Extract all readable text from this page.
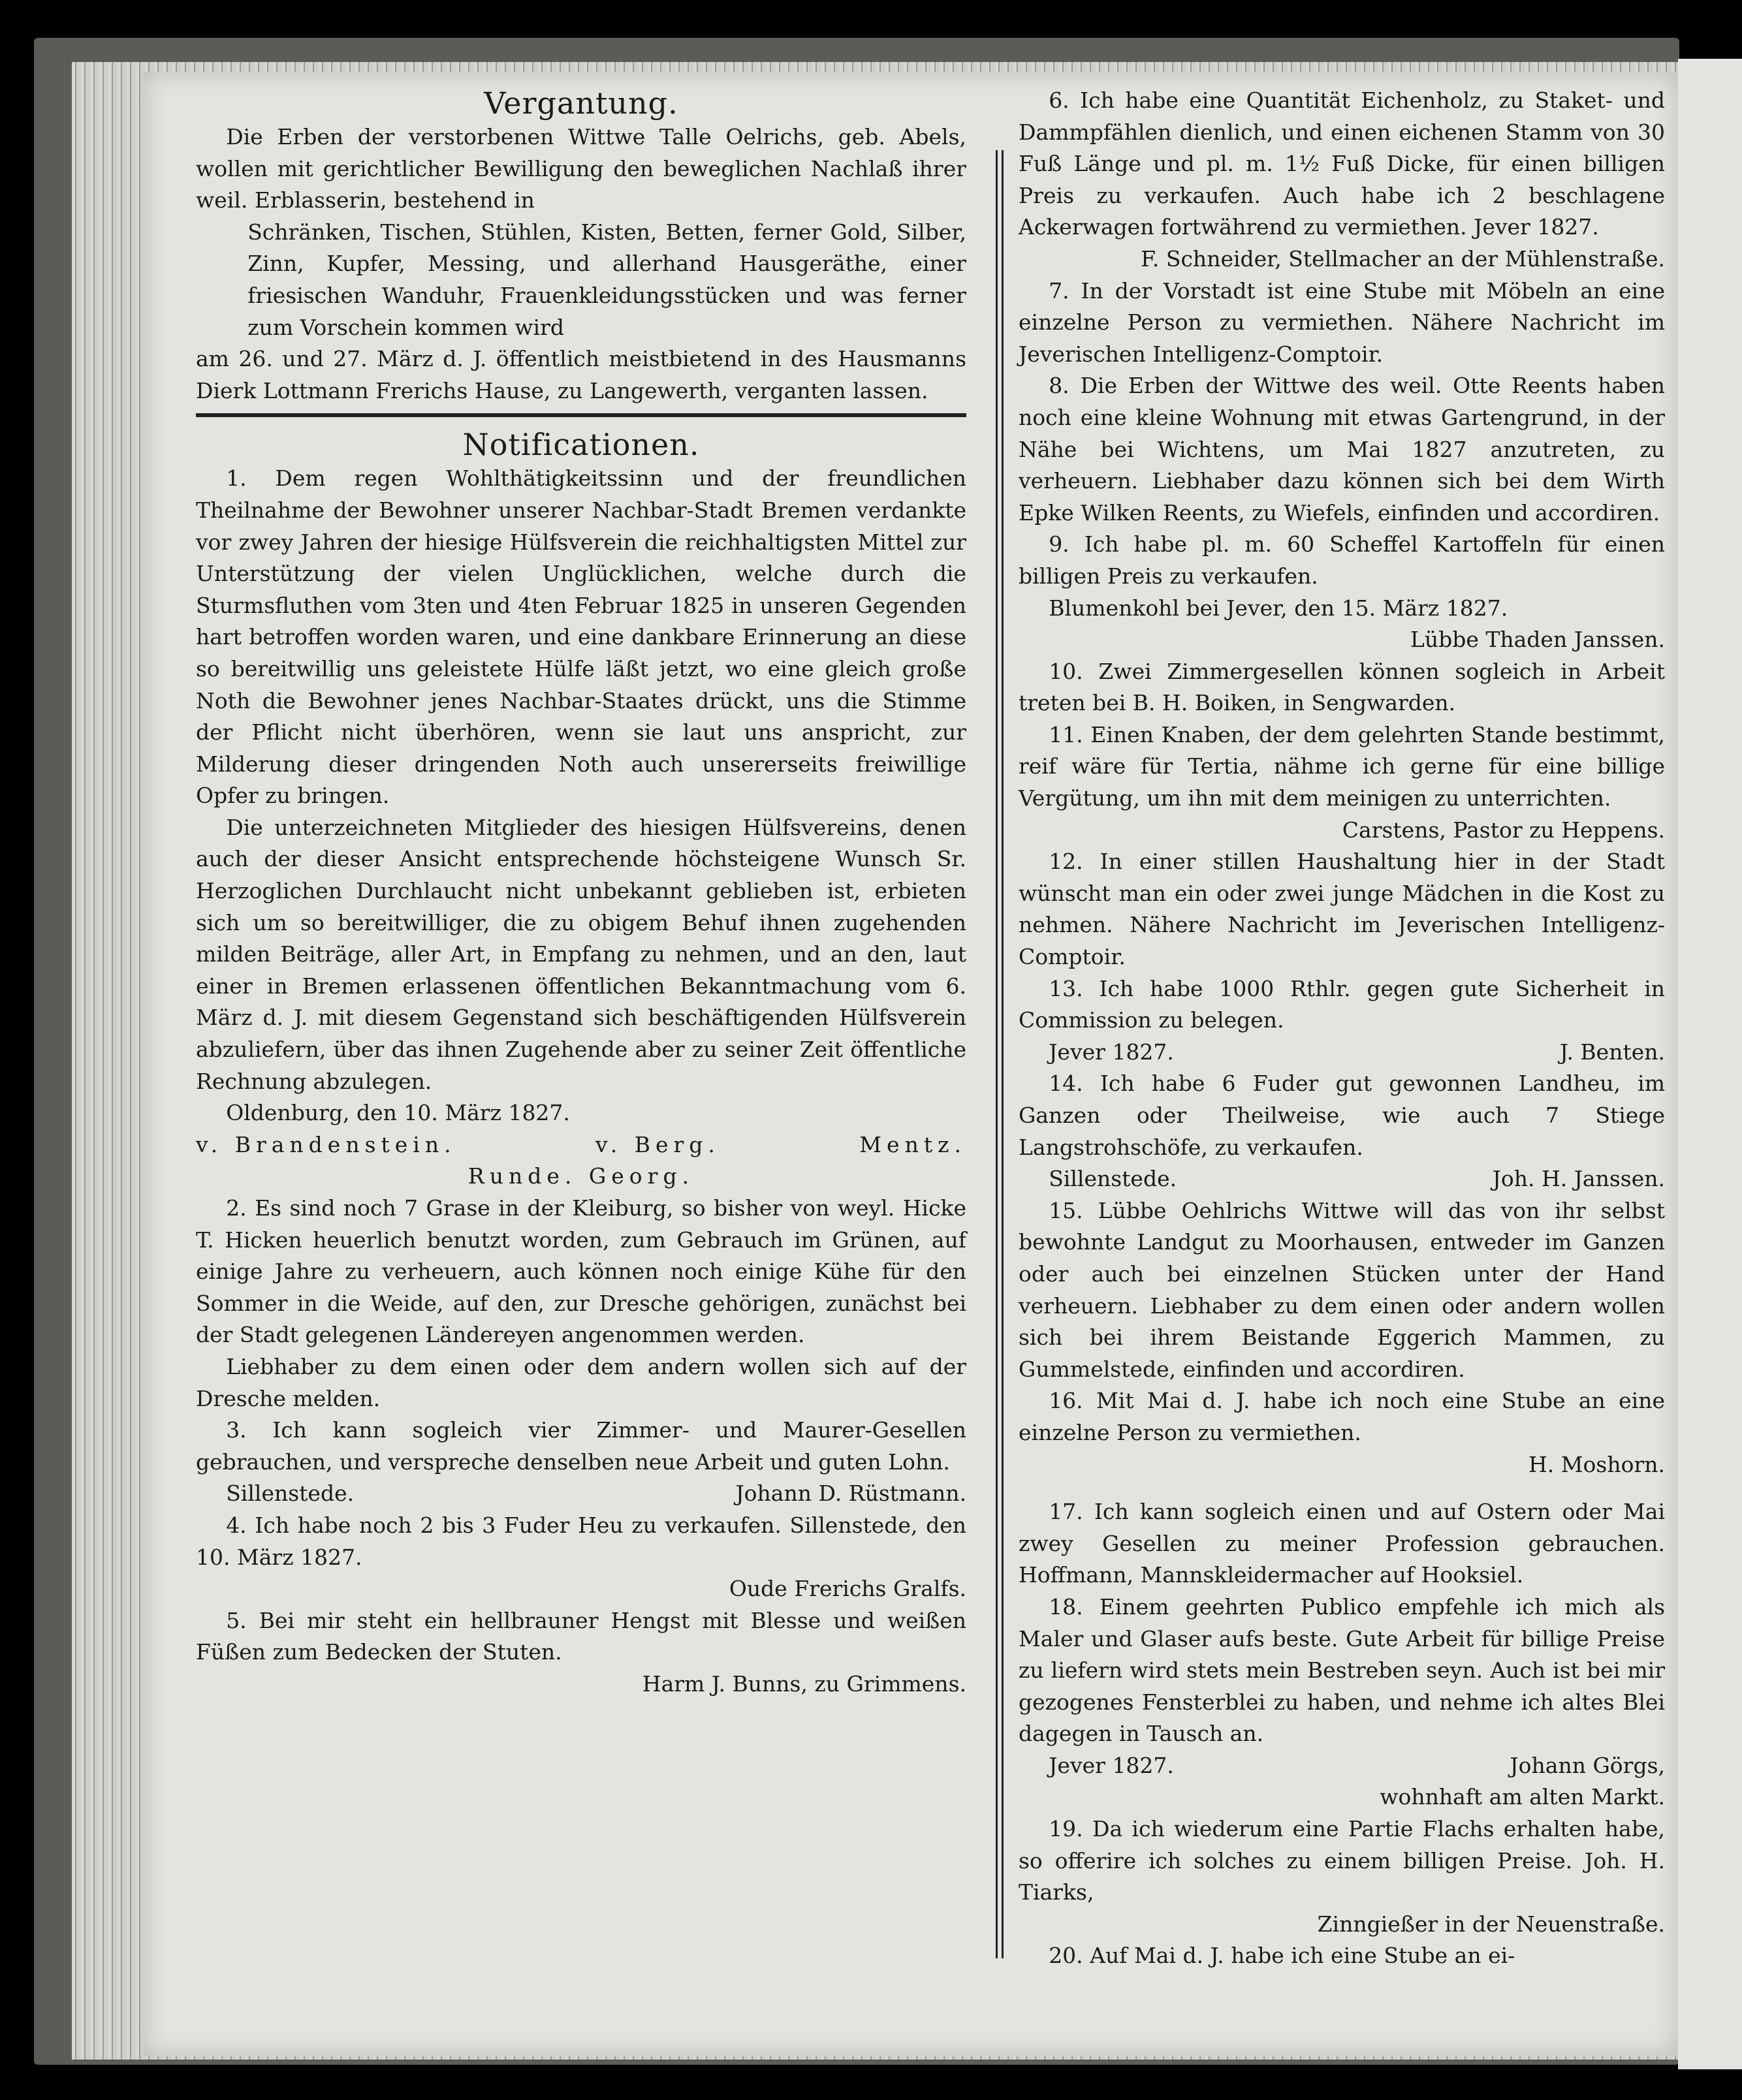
Vergantung.

Die Erben der verstorbenen Wittwe Talle Oelrichs, geb. Abels, wollen mit gerichtlicher Bewilligung den beweglichen Nachlaß ihrer weil. Erblasserin, bestehend in

Schränken, Tischen, Stühlen, Kisten, Betten, ferner Gold, Silber, Zinn, Kupfer, Messing, und allerhand Hausgeräthe, einer friesischen Wanduhr, Frauenkleidungsstücken und was ferner zum Vorschein kommen wird

am 26. und 27. März d. J. öffentlich meistbietend in des Hausmanns Dierk Lottmann Frerichs Hause, zu Langewerth, verganten lassen.

Notificationen.

1. Dem regen Wohlthätigkeitssinn und der freundlichen Theilnahme der Bewohner unserer Nachbar-Stadt Bremen verdankte vor zwey Jahren der hiesige Hülfsverein die reichhaltigsten Mittel zur Unterstützung der vielen Unglücklichen, welche durch die Sturmsfluthen vom 3ten und 4ten Februar 1825 in unseren Gegenden hart betroffen worden waren, und eine dankbare Erinnerung an diese so bereitwillig uns geleistete Hülfe läßt jetzt, wo eine gleich große Noth die Bewohner jenes Nachbar-Staates drückt, uns die Stimme der Pflicht nicht überhören, wenn sie laut uns anspricht, zur Milderung dieser dringenden Noth auch unsererseits freiwillige Opfer zu bringen.

Die unterzeichneten Mitglieder des hiesigen Hülfsvereins, denen auch der dieser Ansicht entsprechende höchsteigene Wunsch Sr. Herzoglichen Durchlaucht nicht unbekannt geblieben ist, erbieten sich um so bereitwilliger, die zu obigem Behuf ihnen zugehenden milden Beiträge, aller Art, in Empfang zu nehmen, und an den, laut einer in Bremen erlassenen öffentlichen Bekanntmachung vom 6. März d. J. mit diesem Gegenstand sich beschäftigenden Hülfsverein abzuliefern, über das ihnen Zugehende aber zu seiner Zeit öffentliche Rechnung abzulegen.

Oldenburg, den 10. März 1827.

v. Brandenstein.	v. Berg.	Mentz.

Runde. Georg.

2. Es sind noch 7 Grase in der Kleiburg, so bisher von weyl. Hicke T. Hicken heuerlich benutzt worden, zum Gebrauch im Grünen, auf einige Jahre zu verheuern, auch können noch einige Kühe für den Sommer in die Weide, auf den, zur Dresche gehörigen, zunächst bei der Stadt gelegenen Ländereyen angenommen werden.

Liebhaber zu dem einen oder dem andern wollen sich auf der Dresche melden.

3. Ich kann sogleich vier Zimmer- und Maurer-Gesellen gebrauchen, und verspreche denselben neue Arbeit und guten Lohn.

Sillenstede.	Johann D. Rüstmann.

4. Ich habe noch 2 bis 3 Fuder Heu zu verkaufen. Sillenstede, den 10. März 1827.

Oude Frerichs Gralfs.

5. Bei mir steht ein hellbrauner Hengst mit Blesse und weißen Füßen zum Bedecken der Stuten.

Harm J. Bunns, zu Grimmens.

6. Ich habe eine Quantität Eichenholz, zu Staket- und Dammpfählen dienlich, und einen eichenen Stamm von 30 Fuß Länge und pl. m. 1½ Fuß Dicke, für einen billigen Preis zu verkaufen. Auch habe ich 2 beschlagene Ackerwagen fortwährend zu vermiethen. Jever 1827.

F. Schneider, Stellmacher an der Mühlenstraße.

7. In der Vorstadt ist eine Stube mit Möbeln an eine einzelne Person zu vermiethen. Nähere Nachricht im Jeverischen Intelligenz-Comptoir.

8. Die Erben der Wittwe des weil. Otte Reents haben noch eine kleine Wohnung mit etwas Gartengrund, in der Nähe bei Wichtens, um Mai 1827 anzutreten, zu verheuern. Liebhaber dazu können sich bei dem Wirth Epke Wilken Reents, zu Wiefels, einfinden und accordiren.

9. Ich habe pl. m. 60 Scheffel Kartoffeln für einen billigen Preis zu verkaufen.

Blumenkohl bei Jever, den 15. März 1827.

Lübbe Thaden Janssen.

10. Zwei Zimmergesellen können sogleich in Arbeit treten bei B. H. Boiken, in Sengwarden.

11. Einen Knaben, der dem gelehrten Stande bestimmt, reif wäre für Tertia, nähme ich gerne für eine billige Vergütung, um ihn mit dem meinigen zu unterrichten.

Carstens, Pastor zu Heppens.

12. In einer stillen Haushaltung hier in der Stadt wünscht man ein oder zwei junge Mädchen in die Kost zu nehmen. Nähere Nachricht im Jeverischen Intelligenz-Comptoir.

13. Ich habe 1000 Rthlr. gegen gute Sicherheit in Commission zu belegen.

Jever 1827.	J. Benten.

14. Ich habe 6 Fuder gut gewonnen Landheu, im Ganzen oder Theilweise, wie auch 7 Stiege Langstrohschöfe, zu verkaufen.

Sillenstede.	Joh. H. Janssen.

15. Lübbe Oehlrichs Wittwe will das von ihr selbst bewohnte Landgut zu Moorhausen, entweder im Ganzen oder auch bei einzelnen Stücken unter der Hand verheuern. Liebhaber zu dem einen oder andern wollen sich bei ihrem Beistande Eggerich Mammen, zu Gummelstede, einfinden und accordiren.

16. Mit Mai d. J. habe ich noch eine Stube an eine einzelne Person zu vermiethen.

H. Moshorn.

17. Ich kann sogleich einen und auf Ostern oder Mai zwey Gesellen zu meiner Profession gebrauchen. Hoffmann, Mannskleidermacher auf Hooksiel.

18. Einem geehrten Publico empfehle ich mich als Maler und Glaser aufs beste. Gute Arbeit für billige Preise zu liefern wird stets mein Bestreben seyn. Auch ist bei mir gezogenes Fensterblei zu haben, und nehme ich altes Blei dagegen in Tausch an.

Jever 1827.	Johann Görgs,

wohnhaft am alten Markt.

19. Da ich wiederum eine Partie Flachs erhalten habe, so offerire ich solches zu einem billigen Preise. Joh. H. Tiarks,

Zinngießer in der Neuenstraße.

20. Auf Mai d. J. habe ich eine Stube an ei-
